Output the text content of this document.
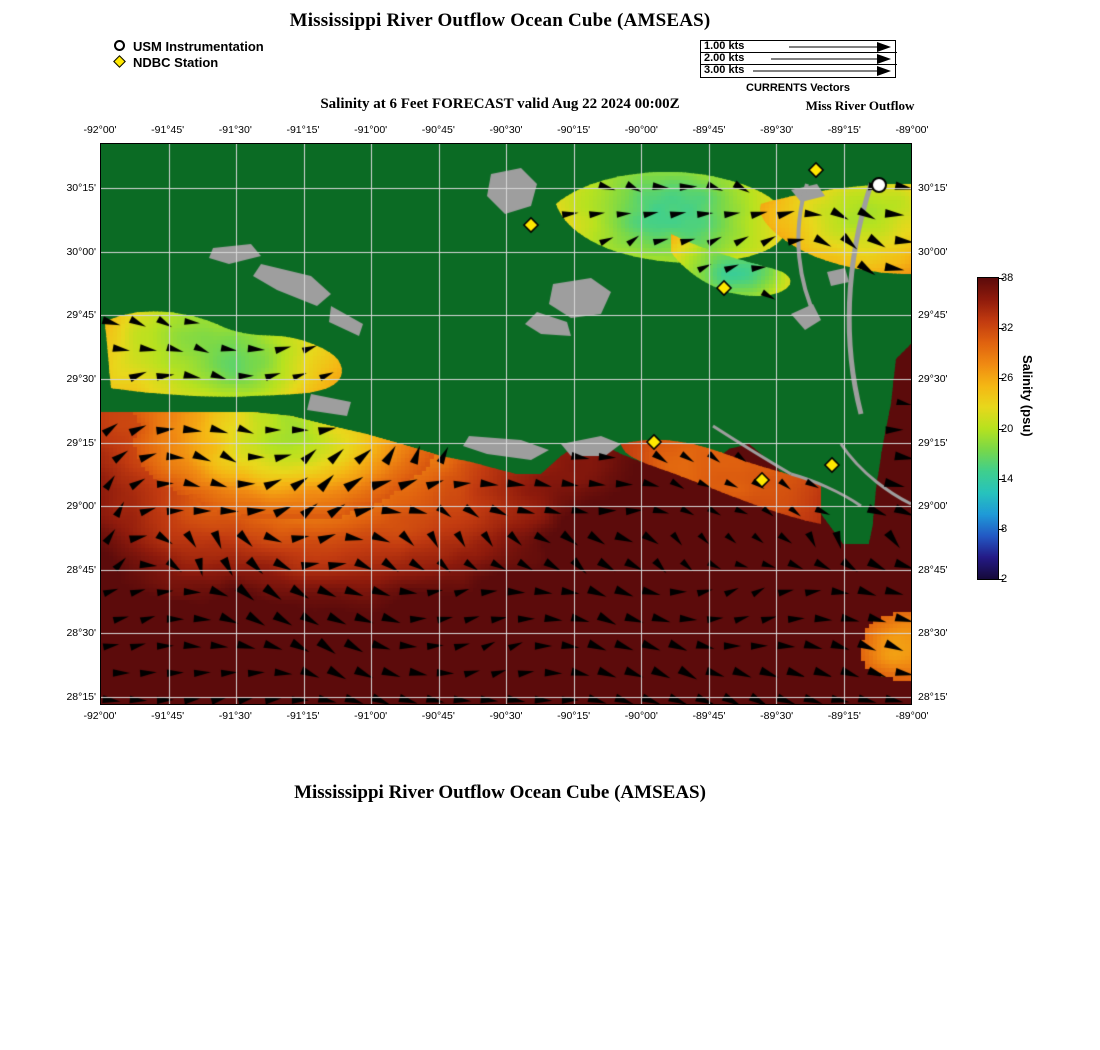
Mississippi River Outflow Ocean Cube (AMSEAS)
Salinity at 6 Feet FORECAST valid Aug 22 2024 00:00Z	Miss River Outflow
Mississippi River Outflow Ocean Cube (AMSEAS)
USM Instrumentation
NDBC Station
1.00 kts
2.00 kts
3.00 kts
CURRENTS Vectors
-92°00'
-92°00'
-91°45'
-91°45'
-91°30'
-91°30'
-91°15'
-91°15'
-91°00'
-91°00'
-90°45'
-90°45'
-90°30'
-90°30'
-90°15'
-90°15'
-90°00'
-90°00'
-89°45'
-89°45'
-89°30'
-89°30'
-89°15'
-89°15'
-89°00'
-89°00'
30°15'	30°15'
30°00'	30°00'
29°45'	29°45'
29°30'	29°30'
29°15'	29°15'
29°00'	29°00'
28°45'	28°45'
28°30'	28°30'
28°15'	28°15'
38
32
26
20
14
8
2
Salinity (psu)
